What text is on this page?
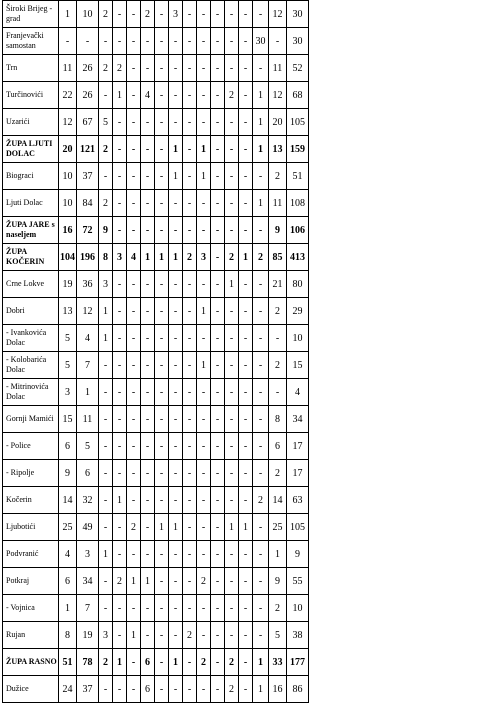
Široki Brijeg - grad	1	10	2	-	-	2	-	3	-	-	-	-	-	-	12	30
Franjevački samostan	-	-	-	-	-	-	-	-	-	-	-	-	-	30	-	30
Trn	11	26	2	2	-	-	-	-	-	-	-	-	-	-	11	52
Turčinovići	22	26	-	1	-	4	-	-	-	-	-	2	-	1	12	68
Uzarići	12	67	5	-	-	-	-	-	-	-	-	-	-	1	20	105
ŽUPA LJUTI DOLAC	20	121	2	-	-	-	-	1	-	1	-	-	-	1	13	159
Biograci	10	37	-	-	-	-	-	1	-	1	-	-	-	-	2	51
Ljuti Dolac	10	84	2	-	-	-	-	-	-	-	-	-	-	1	11	108
ŽUPA JARE s naseljem	16	72	9	-	-	-	-	-	-	-	-	-	-	-	9	106
ŽUPA KOČERIN	104	196	8	3	4	1	1	1	2	3	-	2	1	2	85	413
Crne Lokve	19	36	3	-	-	-	-	-	-	-	-	1	-	-	21	80
Dobri	13	12	1	-	-	-	-	-	-	1	-	-	-	-	2	29
- Ivankovića Dolac	5	4	1	-	-	-	-	-	-	-	-	-	-	-	-	10
- Kolobarića Dolac	5	7	-	-	-	-	-	-	-	1	-	-	-	-	2	15
- Mitrinovića Dolac	3	1	-	-	-	-	-	-	-	-	-	-	-	-	-	4
Gornji Mamići	15	11	-	-	-	-	-	-	-	-	-	-	-	-	8	34
- Police	6	5	-	-	-	-	-	-	-	-	-	-	-	-	6	17
- Ripolje	9	6	-	-	-	-	-	-	-	-	-	-	-	-	2	17
Kočerin	14	32	-	1	-	-	-	-	-	-	-	-	-	2	14	63
Ljubotići	25	49	-	-	2	-	1	1	-	-	-	1	1	-	25	105
Podvranić	4	3	1	-	-	-	-	-	-	-	-	-	-	-	1	9
Potkraj	6	34	-	2	1	1	-	-	-	2	-	-	-	-	9	55
- Vojnica	1	7	-	-	-	-	-	-	-	-	-	-	-	-	2	10
Rujan	8	19	3	-	1	-	-	-	2	-	-	-	-	-	5	38
ŽUPA RASNO	51	78	2	1	-	6	-	1	-	2	-	2	-	1	33	177
Dužice	24	37	-	-	-	6	-	-	-	-	-	2	-	1	16	86
